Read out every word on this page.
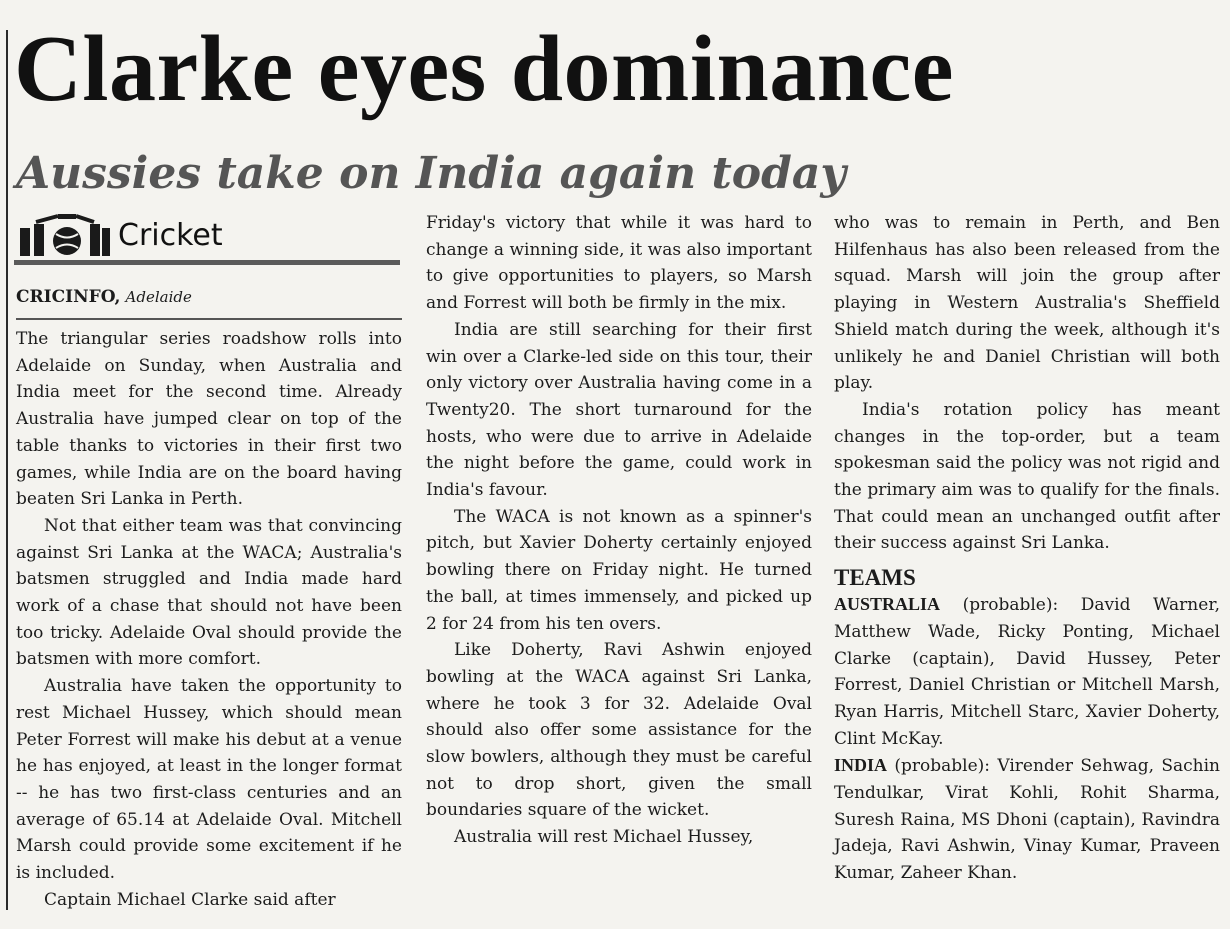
Clarke eyes dominance
Aussies take on India again today
Cricket
CRICINFO, Adelaide

The triangular series roadshow rolls into Adelaide on Sunday, when Australia and India meet for the second time. Already Australia have jumped clear on top of the table thanks to victories in their first two games, while India are on the board having beaten Sri Lanka in Perth.

Not that either team was that convincing against Sri Lanka at the WACA; Australia's batsmen struggled and India made hard work of a chase that should not have been too tricky. Adelaide Oval should provide the batsmen with more comfort.

Australia have taken the opportunity to rest Michael Hussey, which should mean Peter Forrest will make his debut at a venue he has enjoyed, at least in the longer format -- he has two first-class centuries and an average of 65.14 at Adelaide Oval. Mitchell Marsh could provide some excitement if he is included.

Captain Michael Clarke said after

Friday's victory that while it was hard to change a winning side, it was also important to give opportunities to players, so Marsh and Forrest will both be firmly in the mix.

India are still searching for their first win over a Clarke-led side on this tour, their only victory over Australia having come in a Twenty20. The short turnaround for the hosts, who were due to arrive in Adelaide the night before the game, could work in India's favour.

The WACA is not known as a spinner's pitch, but Xavier Doherty certainly enjoyed bowling there on Friday night. He turned the ball, at times immensely, and picked up 2 for 24 from his ten overs.

Like Doherty, Ravi Ashwin enjoyed bowling at the WACA against Sri Lanka, where he took 3 for 32. Adelaide Oval should also offer some assistance for the slow bowlers, although they must be careful not to drop short, given the small boundaries square of the wicket.

Australia will rest Michael Hussey,

who was to remain in Perth, and Ben Hilfenhaus has also been released from the squad. Marsh will join the group after playing in Western Australia's Sheffield Shield match during the week, although it's unlikely he and Daniel Christian will both play.

India's rotation policy has meant changes in the top-order, but a team spokesman said the policy was not rigid and the primary aim was to qualify for the finals. That could mean an unchanged outfit after their success against Sri Lanka.

TEAMS

AUSTRALIA (probable): David Warner, Matthew Wade, Ricky Ponting, Michael Clarke (captain), David Hussey, Peter Forrest, Daniel Christian or Mitchell Marsh, Ryan Harris, Mitchell Starc, Xavier Doherty, Clint McKay.

INDIA (probable): Virender Sehwag, Sachin Tendulkar, Virat Kohli, Rohit Sharma, Suresh Raina, MS Dhoni (captain), Ravindra Jadeja, Ravi Ashwin, Vinay Kumar, Praveen Kumar, Zaheer Khan.
